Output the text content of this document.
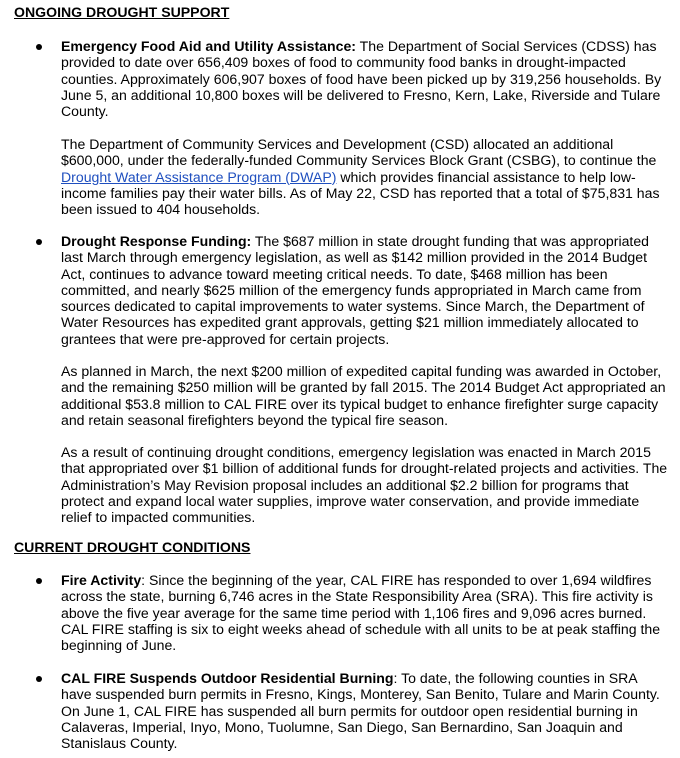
ONGOING DROUGHT SUPPORT

Emergency Food Aid and Utility Assistance: The Department of Social Services (CDSS) has provided to date over 656,409 boxes of food to community food banks in drought-impacted counties. Approximately 606,907 boxes of food have been picked up by 319,256 households. By June 5, an additional 10,800 boxes will be delivered to Fresno, Kern, Lake, Riverside and Tulare County.

The Department of Community Services and Development (CSD) allocated an additional $600,000, under the federally-funded Community Services Block Grant (CSBG), to continue the Drought Water Assistance Program (DWAP) which provides financial assistance to help low-income families pay their water bills. As of May 22, CSD has reported that a total of $75,831 has been issued to 404 households.

Drought Response Funding: The $687 million in state drought funding that was appropriated last March through emergency legislation, as well as $142 million provided in the 2014 Budget Act, continues to advance toward meeting critical needs. To date, $468 million has been committed, and nearly $625 million of the emergency funds appropriated in March came from sources dedicated to capital improvements to water systems. Since March, the Department of Water Resources has expedited grant approvals, getting $21 million immediately allocated to grantees that were pre-approved for certain projects.

As planned in March, the next $200 million of expedited capital funding was awarded in October, and the remaining $250 million will be granted by fall 2015. The 2014 Budget Act appropriated an additional $53.8 million to CAL FIRE over its typical budget to enhance firefighter surge capacity and retain seasonal firefighters beyond the typical fire season.

As a result of continuing drought conditions, emergency legislation was enacted in March 2015 that appropriated over $1 billion of additional funds for drought-related projects and activities. The Administration’s May Revision proposal includes an additional $2.2 billion for programs that protect and expand local water supplies, improve water conservation, and provide immediate relief to impacted communities.

CURRENT DROUGHT CONDITIONS

Fire Activity: Since the beginning of the year, CAL FIRE has responded to over 1,694 wildfires across the state, burning 6,746 acres in the State Responsibility Area (SRA). This fire activity is above the five year average for the same time period with 1,106 fires and 9,096 acres burned. CAL FIRE staffing is six to eight weeks ahead of schedule with all units to be at peak staffing the beginning of June.

CAL FIRE Suspends Outdoor Residential Burning: To date, the following counties in SRA have suspended burn permits in Fresno, Kings, Monterey, San Benito, Tulare and Marin County. On June 1, CAL FIRE has suspended all burn permits for outdoor open residential burning in Calaveras, Imperial, Inyo, Mono, Tuolumne, San Diego, San Bernardino, San Joaquin and Stanislaus County.
